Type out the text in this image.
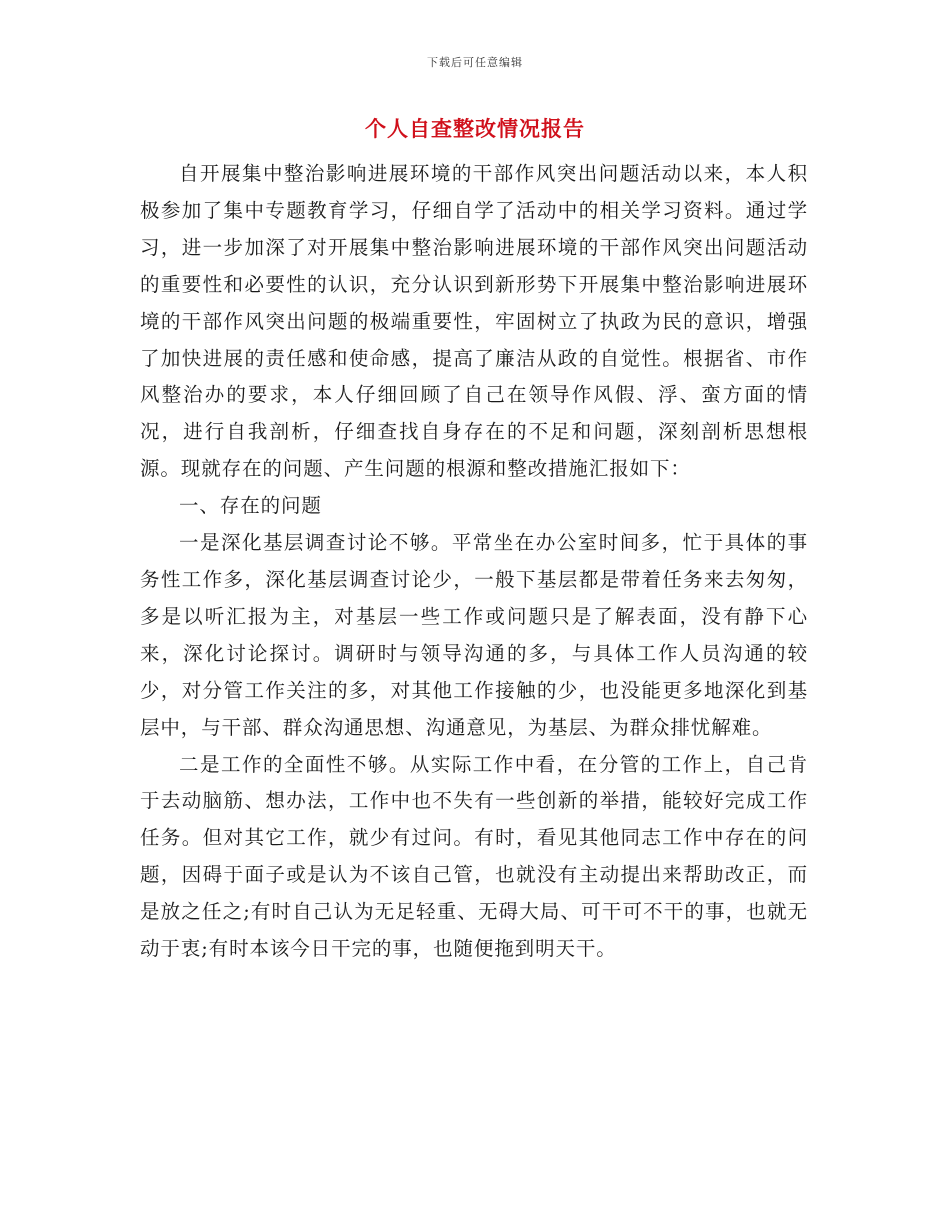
下载后可任意编辑
个人自查整改情况报告

自开展集中整治影响进展环境的干部作风突出问题活动以来，本人积极参加了集中专题教育学习，仔细自学了活动中的相关学习资料。通过学习，进一步加深了对开展集中整治影响进展环境的干部作风突出问题活动的重要性和必要性的认识，充分认识到新形势下开展集中整治影响进展环境的干部作风突出问题的极端重要性，牢固树立了执政为民的意识，增强了加快进展的责任感和使命感，提高了廉洁从政的自觉性。根据省、市作风整治办的要求，本人仔细回顾了自己在领导作风假、浮、蛮方面的情况，进行自我剖析，仔细查找自身存在的不足和问题，深刻剖析思想根源。现就存在的问题、产生问题的根源和整改措施汇报如下：

一、存在的问题

一是深化基层调查讨论不够。平常坐在办公室时间多，忙于具体的事务性工作多，深化基层调查讨论少，一般下基层都是带着任务来去匆匆，多是以听汇报为主，对基层一些工作或问题只是了解表面，没有静下心来，深化讨论探讨。调研时与领导沟通的多，与具体工作人员沟通的较少，对分管工作关注的多，对其他工作接触的少，也没能更多地深化到基层中，与干部、群众沟通思想、沟通意见，为基层、为群众排忧解难。

二是工作的全面性不够。从实际工作中看，在分管的工作上，自己肯于去动脑筋、想办法，工作中也不失有一些创新的举措，能较好完成工作任务。但对其它工作，就少有过问。有时，看见其他同志工作中存在的问题，因碍于面子或是认为不该自己管，也就没有主动提出来帮助改正，而是放之任之;有时自己认为无足轻重、无碍大局、可干可不干的事，也就无动于衷;有时本该今日干完的事，也随便拖到明天干。
